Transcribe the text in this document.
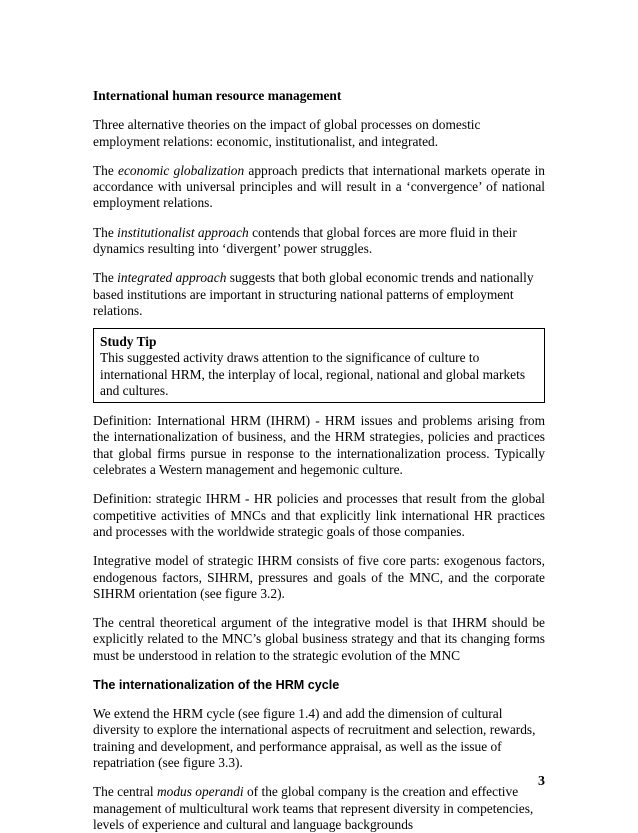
International human resource management

Three alternative theories on the impact of global processes on domestic employment relations: economic, institutionalist, and integrated.

The economic globalization approach predicts that international markets operate in accordance with universal principles and will result in a ‘convergence’ of national employment relations.

The institutionalist approach contends that global forces are more fluid in their dynamics resulting into ‘divergent’ power struggles.

The integrated approach suggests that both global economic trends and nationally based institutions are important in structuring national patterns of employment relations.

Study Tip
This suggested activity draws attention to the significance of culture to international HRM, the interplay of local, regional, national and global markets and cultures.

Definition: International HRM (IHRM) - HRM issues and problems arising from the internationalization of business, and the HRM strategies, policies and practices that global firms pursue in response to the internationalization process. Typically celebrates a Western management and hegemonic culture.

Definition: strategic IHRM - HR policies and processes that result from the global competitive activities of MNCs and that explicitly link international HR practices and processes with the worldwide strategic goals of those companies.

Integrative model of strategic IHRM consists of five core parts: exogenous factors, endogenous factors, SIHRM, pressures and goals of the MNC, and the corporate SIHRM orientation (see figure 3.2).

The central theoretical argument of the integrative model is that IHRM should be explicitly related to the MNC’s global business strategy and that its changing forms must be understood in relation to the strategic evolution of the MNC

The internationalization of the HRM cycle

We extend the HRM cycle (see figure 1.4) and add the dimension of cultural diversity to explore the international aspects of recruitment and selection, rewards, training and development, and performance appraisal, as well as the issue of repatriation (see figure 3.3).

The central modus operandi of the global company is the creation and effective management of multicultural work teams that represent diversity in competencies, levels of experience and cultural and language backgrounds

3
